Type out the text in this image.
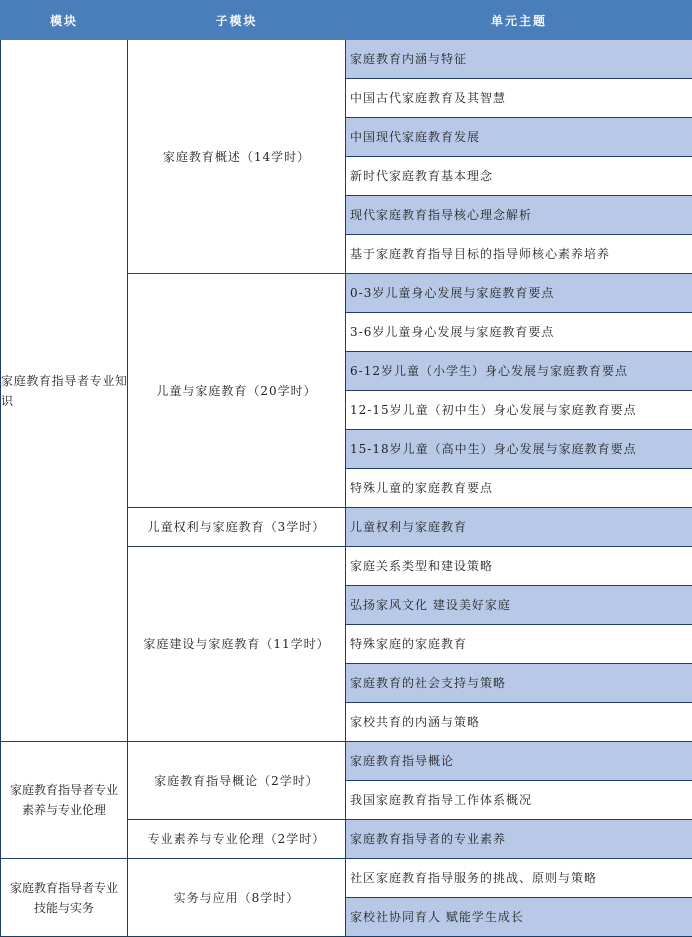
模块	子模块	单元主题
家庭教育指导者专业知识	家庭教育概述（14学时）	家庭教育内涵与特征
		中国古代家庭教育及其智慧
		中国现代家庭教育发展
		新时代家庭教育基本理念
		现代家庭教育指导核心理念解析
		基于家庭教育指导目标的指导师核心素养培养
	儿童与家庭教育（20学时）	0-3岁儿童身心发展与家庭教育要点
		3-6岁儿童身心发展与家庭教育要点
		6-12岁儿童（小学生）身心发展与家庭教育要点
		12-15岁儿童（初中生）身心发展与家庭教育要点
		15-18岁儿童（高中生）身心发展与家庭教育要点
		特殊儿童的家庭教育要点
	儿童权利与家庭教育（3学时）	儿童权利与家庭教育
	家庭建设与家庭教育（11学时）	家庭关系类型和建设策略
		弘扬家风文化 建设美好家庭
		特殊家庭的家庭教育
		家庭教育的社会支持与策略
		家校共育的内涵与策略
家庭教育指导者专业素养与专业伦理	家庭教育指导概论（2学时）	家庭教育指导概论
		我国家庭教育指导工作体系概况
	专业素养与专业伦理（2学时）	家庭教育指导者的专业素养
家庭教育指导者专业技能与实务	实务与应用（8学时）	社区家庭教育指导服务的挑战、原则与策略
		家校社协同育人 赋能学生成长
